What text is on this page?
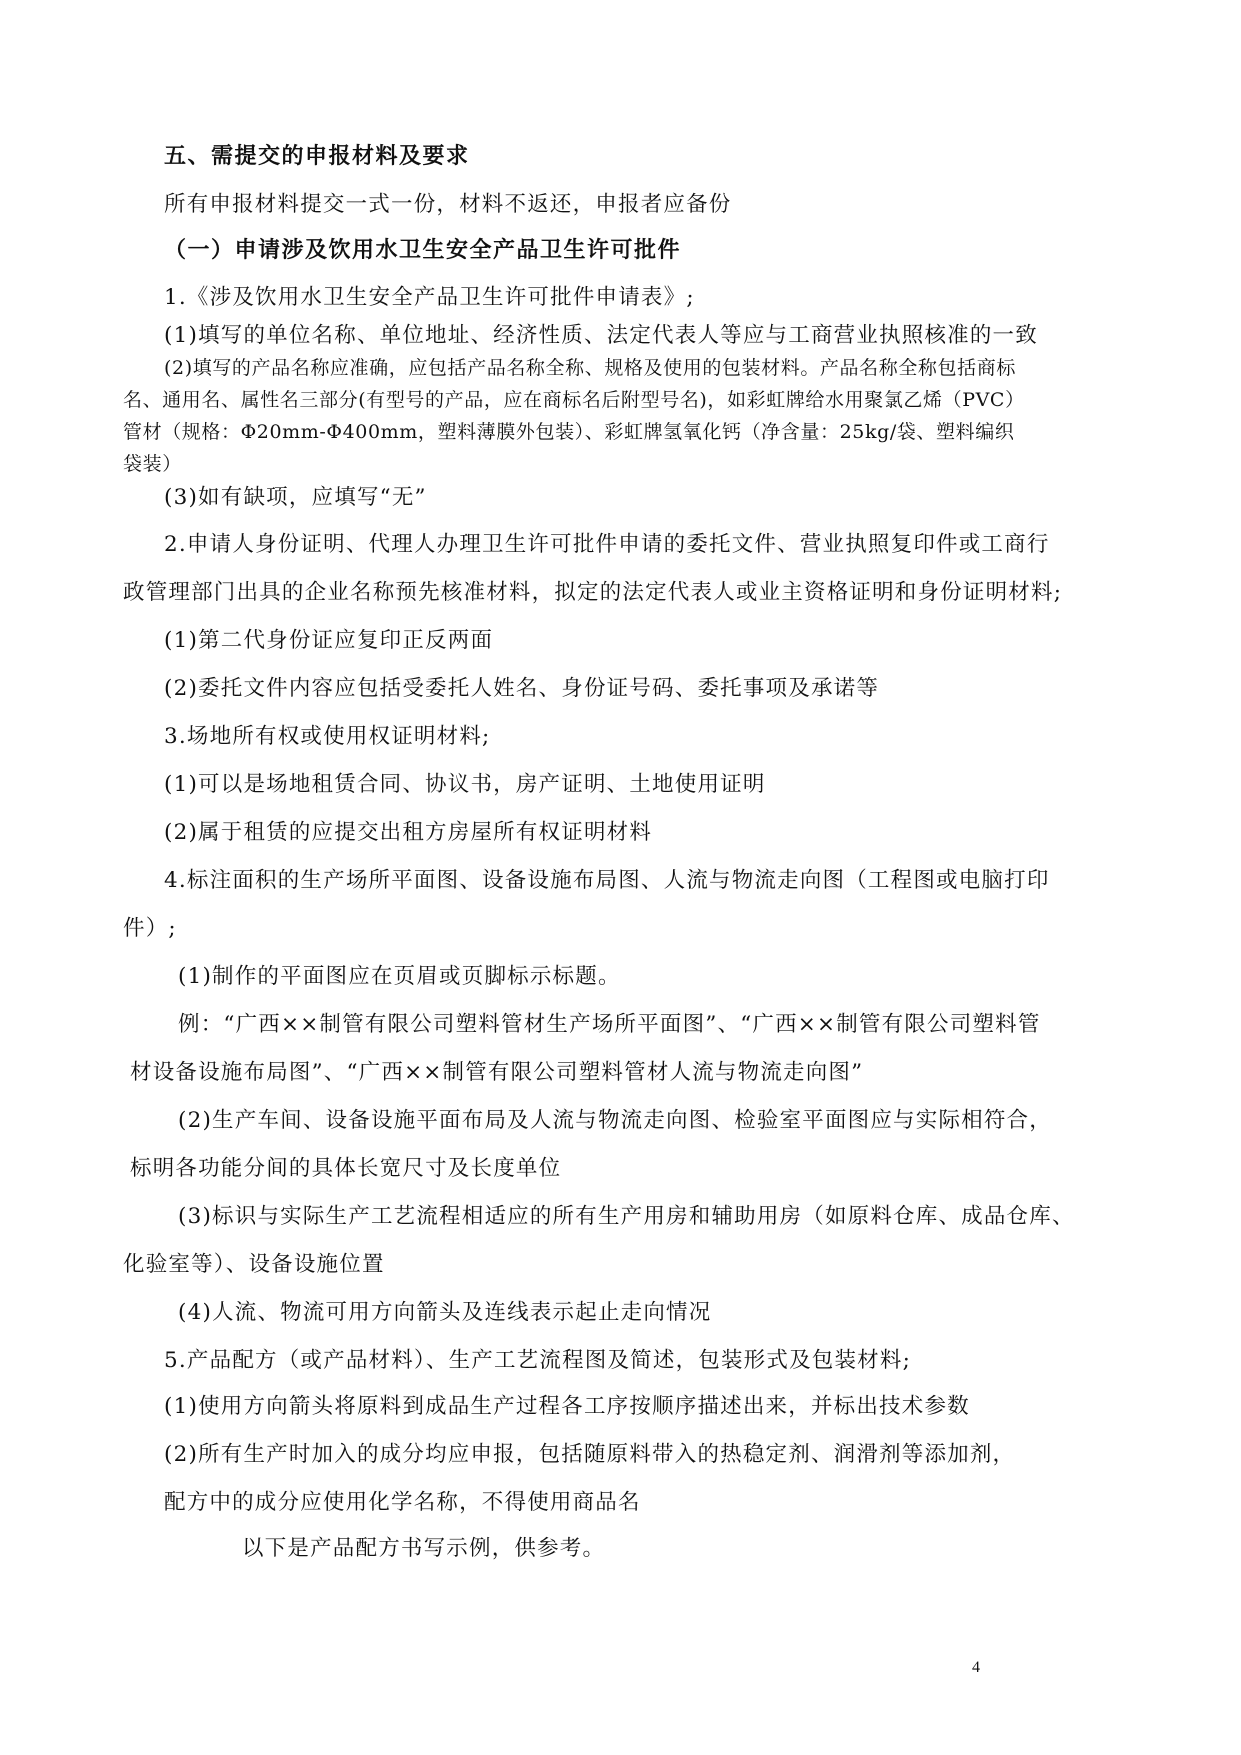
五、需提交的申报材料及要求
所有申报材料提交一式一份，材料不返还，申报者应备份
（一）申请涉及饮用水卫生安全产品卫生许可批件
1.《涉及饮用水卫生安全产品卫生许可批件申请表》;
(1)填写的单位名称、单位地址、经济性质、法定代表人等应与工商营业执照核准的一致
(2)填写的产品名称应准确，应包括产品名称全称、规格及使用的包装材料。产品名称全称包括商标
名、通用名、属性名三部分(有型号的产品，应在商标名后附型号名)，如彩虹牌给水用聚氯乙烯（PVC）
管材（规格：Φ20mm-Φ400mm，塑料薄膜外包装）、彩虹牌氢氧化钙（净含量：25kg/袋、塑料编织
袋装）
(3)如有缺项，应填写“无”
2.申请人身份证明、代理人办理卫生许可批件申请的委托文件、营业执照复印件或工商行
政管理部门出具的企业名称预先核准材料，拟定的法定代表人或业主资格证明和身份证明材料;
(1)第二代身份证应复印正反两面
(2)委托文件内容应包括受委托人姓名、身份证号码、委托事项及承诺等
3.场地所有权或使用权证明材料;
(1)可以是场地租赁合同、协议书，房产证明、土地使用证明
(2)属于租赁的应提交出租方房屋所有权证明材料
4.标注面积的生产场所平面图、设备设施布局图、人流与物流走向图（工程图或电脑打印
件）;
(1)制作的平面图应在页眉或页脚标示标题。
例：“广西××制管有限公司塑料管材生产场所平面图”、“广西××制管有限公司塑料管
材设备设施布局图”、“广西××制管有限公司塑料管材人流与物流走向图”
(2)生产车间、设备设施平面布局及人流与物流走向图、检验室平面图应与实际相符合，
标明各功能分间的具体长宽尺寸及长度单位
(3)标识与实际生产工艺流程相适应的所有生产用房和辅助用房（如原料仓库、成品仓库、
化验室等）、设备设施位置
(4)人流、物流可用方向箭头及连线表示起止走向情况
5.产品配方（或产品材料）、生产工艺流程图及简述，包装形式及包装材料;
(1)使用方向箭头将原料到成品生产过程各工序按顺序描述出来，并标出技术参数
(2)所有生产时加入的成分均应申报，包括随原料带入的热稳定剂、润滑剂等添加剂，
配方中的成分应使用化学名称，不得使用商品名
以下是产品配方书写示例，供参考。
4
